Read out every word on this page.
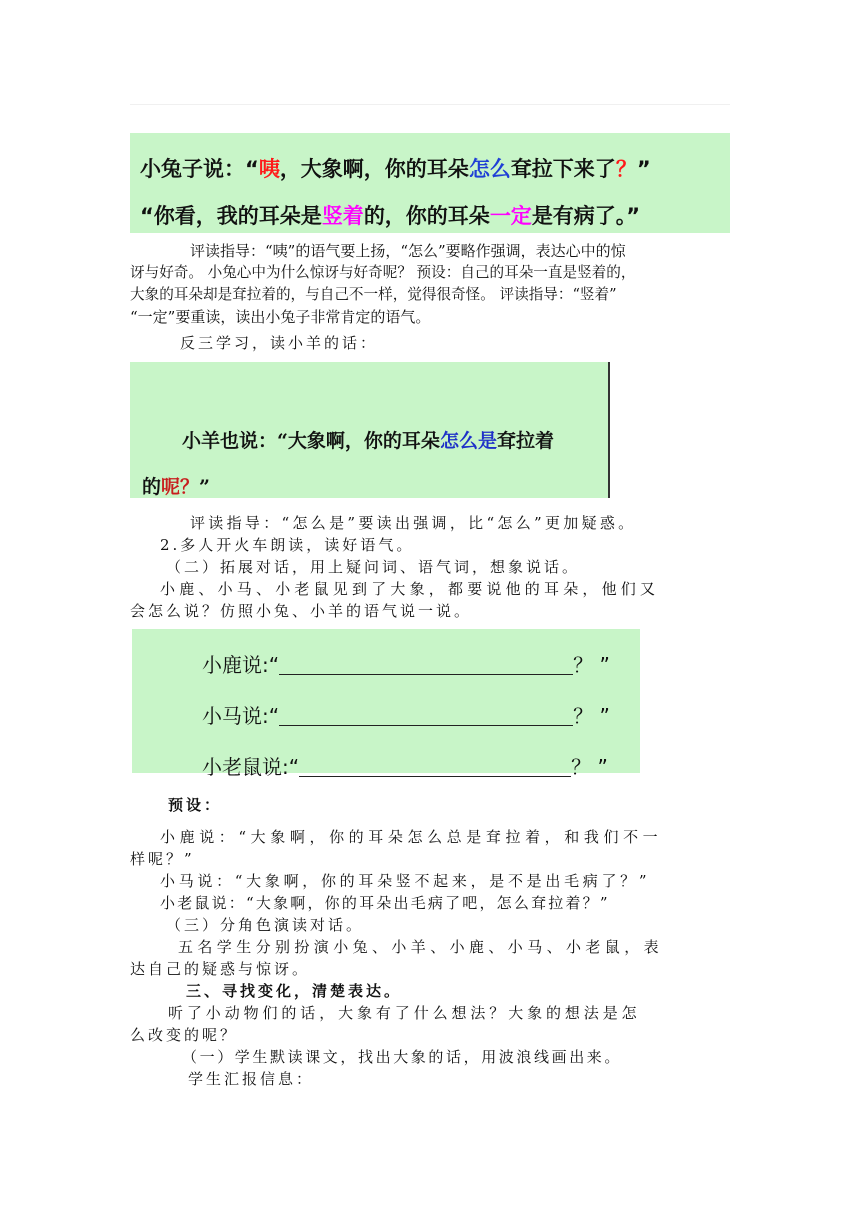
小兔子说：“咦，大象啊，你的耳朵怎么耷拉下来了？”
“你看，我的耳朵是竖着的，你的耳朵一定是有病了。”
评读指导：“咦”的语气要上扬，“怎么”要略作强调，表达心中的惊
讶与好奇。 小兔心中为什么惊讶与好奇呢？ 预设：自己的耳朵一直是竖着的，
大象的耳朵却是耷拉着的，与自己不一样，觉得很奇怪。 评读指导：“竖着”
“一定”要重读，读出小兔子非常肯定的语气。
反三学习，读小羊的话：
小羊也说：“大象啊，你的耳朵怎么是耷拉着
的呢？”
评读指导：“怎么是”要读出强调，比“怎么”更加疑惑。
2.多人开火车朗读，读好语气。
（二）拓展对话，用上疑问词、语气词，想象说话。
小鹿、小马、小老鼠见到了大象，都要说他的耳朵，他们又
会怎么说？仿照小兔、小羊的语气说一说。
小鹿说:“	？ ”
小马说:“	？ ”
小老鼠说:“	？ ”
预设：
小鹿说：“大象啊，你的耳朵怎么总是耷拉着，和我们不一
样呢？”
小马说：“大象啊，你的耳朵竖不起来，是不是出毛病了？”
小老鼠说：“大象啊，你的耳朵出毛病了吧，怎么耷拉着？”
（三）分角色演读对话。
五名学生分别扮演小兔、小羊、小鹿、小马、小老鼠，表
达自己的疑惑与惊讶。
三、寻找变化，清楚表达。
听了小动物们的话，大象有了什么想法？大象的想法是怎
么改变的呢？
（一）学生默读课文，找出大象的话，用波浪线画出来。
学生汇报信息：
